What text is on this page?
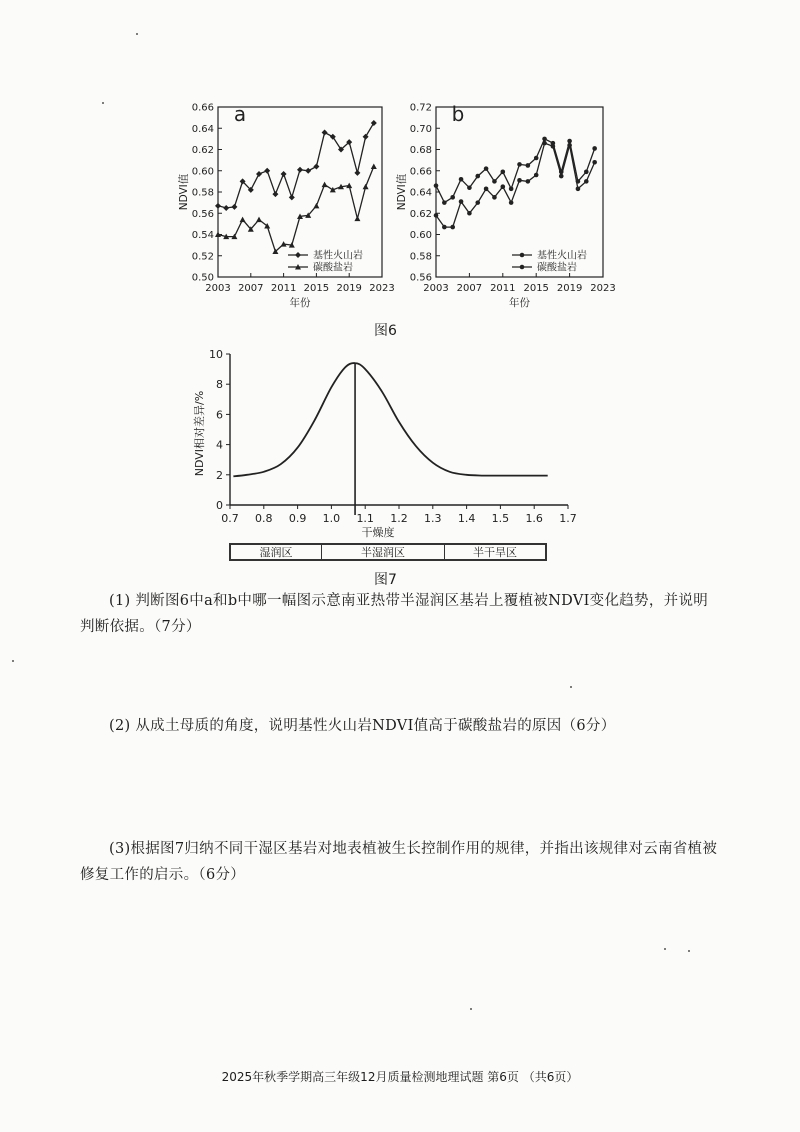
0.66
0.64
0.62
0.60
0.58
0.56
0.54
0.52
0.50
2003 2007 2011 2015 2019 2023
年份
NDVI值
a
基性火山岩
碳酸盐岩
0.72
0.70
0.68
0.66
0.64
0.62
0.60
0.58
0.56
2003 2007 2011 2015 2019 2023
年份
NDVI值
b
基性火山岩
碳酸盐岩
图6
10
8
6
4
2
0
0.7 0.8 0.9 1.0 1.1 1.2 1.3 1.4 1.5 1.6 1.7
干燥度
NDVI相对差异/%
湿润区	半湿润区	半干旱区
图7

(1) 判断图6中a和b中哪一幅图示意南亚热带半湿润区基岩上覆植被NDVI变化趋势，并说明判断依据。（7分）

(2) 从成土母质的角度，说明基性火山岩NDVI值高于碳酸盐岩的原因（6分）

(3)根据图7归纳不同干湿区基岩对地表植被生长控制作用的规律，并指出该规律对云南省植被修复工作的启示。（6分）

2025年秋季学期高三年级12月质量检测地理试题 第6页 （共6页）
